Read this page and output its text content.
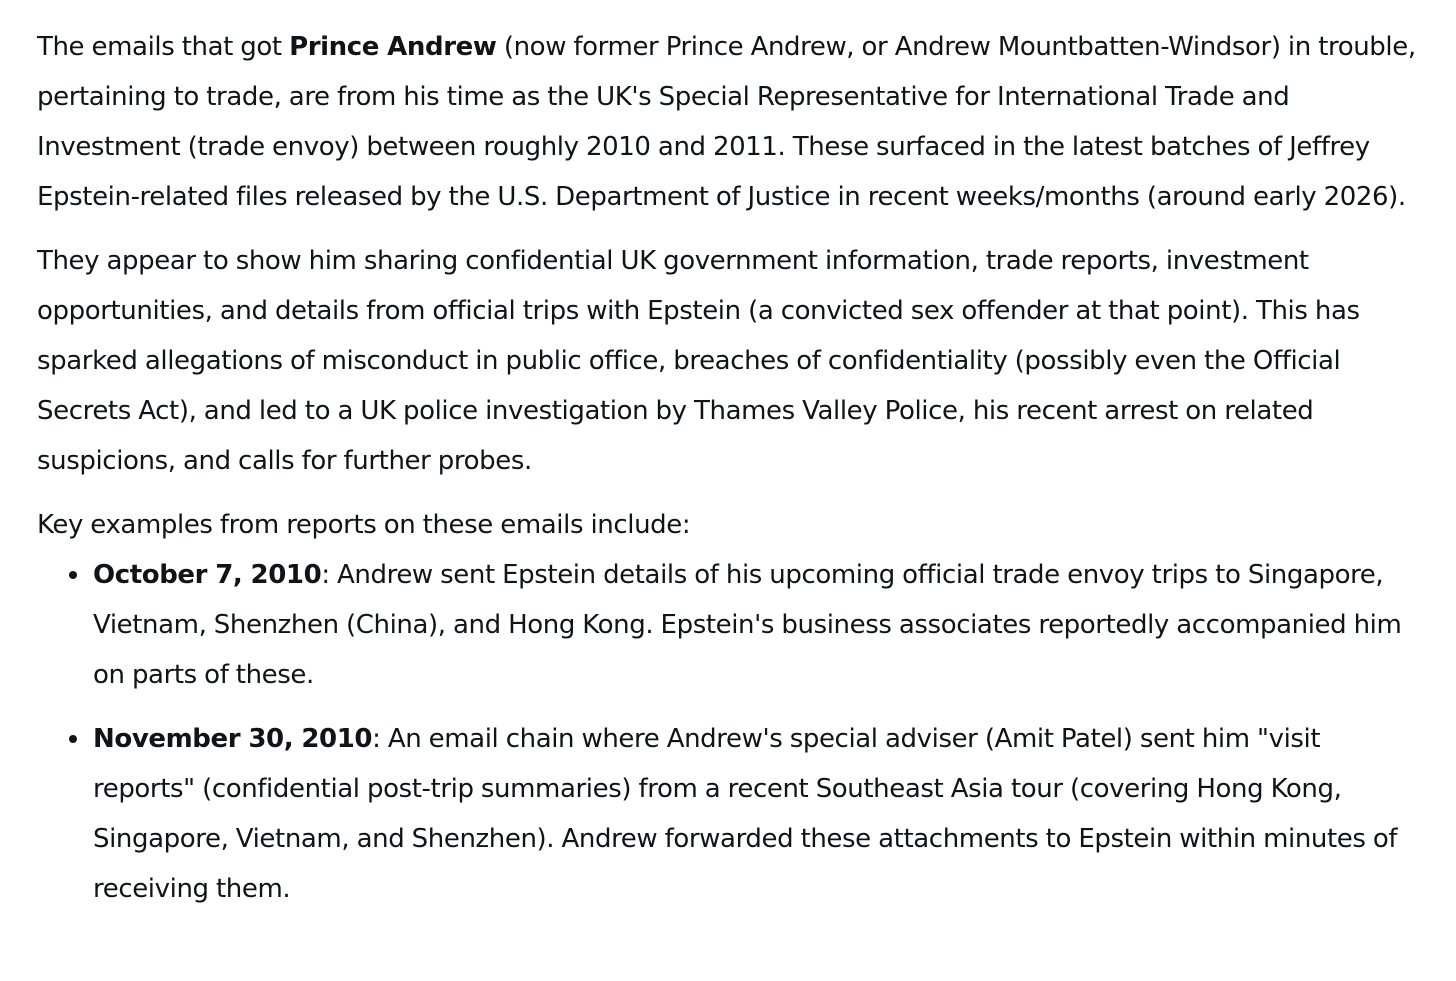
The emails that got Prince Andrew (now former Prince Andrew, or Andrew Mountbatten-Windsor) in trouble, pertaining to trade, are from his time as the UK's Special Representative for International Trade and Investment (trade envoy) between roughly 2010 and 2011. These surfaced in the latest batches of Jeffrey Epstein-related files released by the U.S. Department of Justice in recent weeks/months (around early 2026).

They appear to show him sharing confidential UK government information, trade reports, investment opportunities, and details from official trips with Epstein (a convicted sex offender at that point). This has sparked allegations of misconduct in public office, breaches of confidentiality (possibly even the Official Secrets Act), and led to a UK police investigation by Thames Valley Police, his recent arrest on related suspicions, and calls for further probes.

Key examples from reports on these emails include:

October 7, 2010: Andrew sent Epstein details of his upcoming official trade envoy trips to Singapore, Vietnam, Shenzhen (China), and Hong Kong. Epstein's business associates reportedly accompanied him on parts of these.
November 30, 2010: An email chain where Andrew's special adviser (Amit Patel) sent him "visit reports" (confidential post-trip summaries) from a recent Southeast Asia tour (covering Hong Kong, Singapore, Vietnam, and Shenzhen). Andrew forwarded these attachments to Epstein within minutes of receiving them.
